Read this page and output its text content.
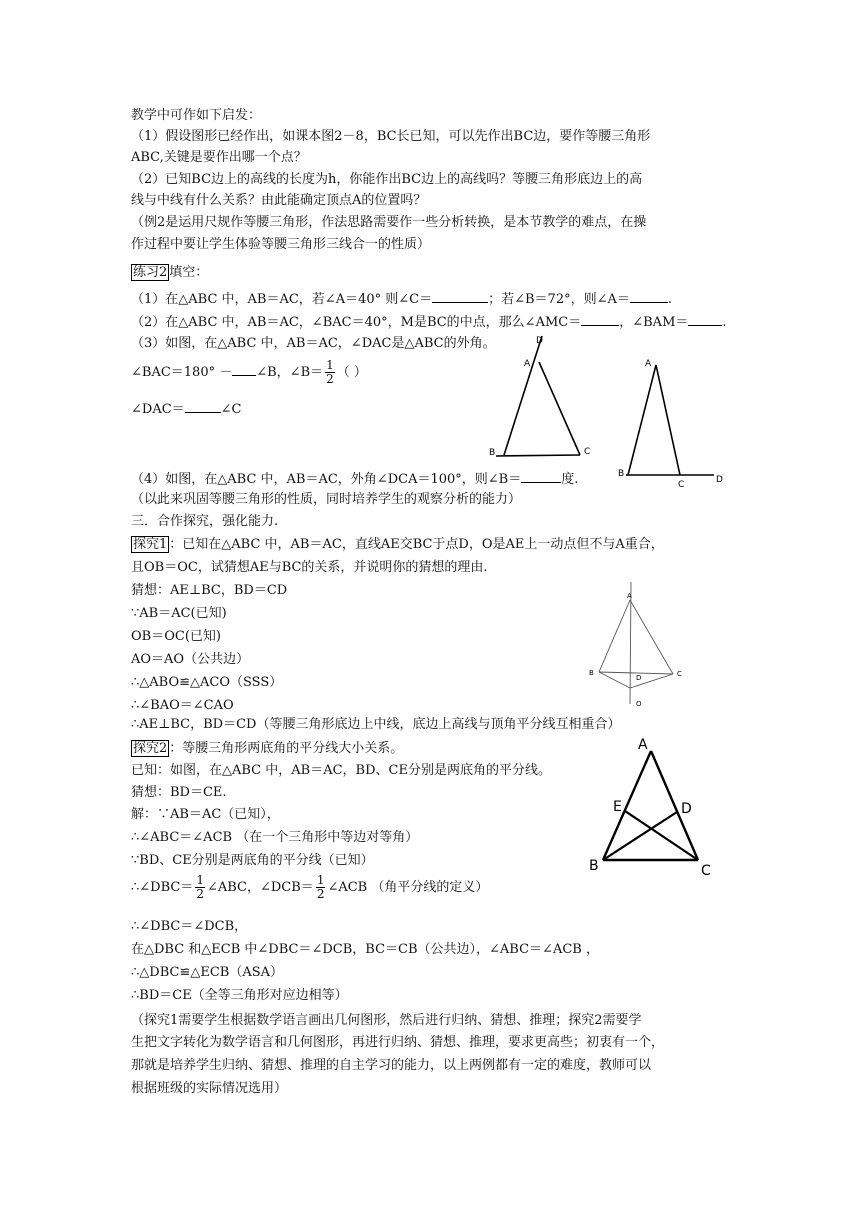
教学中可作如下启发：
（1）假设图形已经作出，如课本图2－8，BC长已知，可以先作出BC边，要作等腰三角形
ABC,关键是要作出哪一个点？
（2）已知BC边上的高线的长度为h，你能作出BC边上的高线吗？等腰三角形底边上的高
线与中线有什么关系？由此能确定顶点A的位置吗？
（例2是运用尺规作等腰三角形，作法思路需要作一些分析转换，是本节教学的难点，在操
作过程中要让学生体验等腰三角形三线合一的性质）
练习2 填空：
（1）在△ABC 中，AB＝AC，若∠A＝40° 则∠C＝	；若∠B＝72°，则∠A＝	.
（2）在△ABC 中，AB＝AC，∠BAC＝40°，M是BC的中点，那么∠AMC＝	，∠BAM＝	.
（3）如图，在△ABC 中，AB＝AC，∠DAC是△ABC的外角。
∠BAC＝180° － ∠B，∠B＝ $\frac{1}{2}$ （ ）
∠DAC＝	∠C
D
A
B	C
A
B
C	D
（4）如图，在△ABC 中，AB＝AC，外角∠DCA＝100°，则∠B＝	度.
（以此来巩固等腰三角形的性质，同时培养学生的观察分析的能力）
三．合作探究，强化能力.
探究1 ：已知在△ABC 中，AB＝AC，直线AE交BC于点D，O是AE上一动点但不与A重合，
且OB＝OC，试猜想AE与BC的关系，并说明你的猜想的理由.
猜想：AE⊥BC，BD＝CD
∵AB＝AC(已知)
OB＝OC(已知)
AO＝AO（公共边）
∴△ABO≌△ACO（SSS）
∴∠BAO＝∠CAO
∴AE⊥BC，BD＝CD（等腰三角形底边上中线，底边上高线与顶角平分线互相重合）
A
B	C
D
O
探究2 ：等腰三角形两底角的平分线大小关系。
已知：如图，在△ABC 中，AB＝AC，BD、CE分别是两底角的平分线。
猜想：BD＝CE.
解：∵AB＝AC（已知），
∴∠ABC＝∠ACB （在一个三角形中等边对等角）
∵BD、CE分别是两底角的平分线（已知）
∴∠DBC＝ $\frac{1}{2}$ ∠ABC，∠DCB＝ $\frac{1}{2}$ ∠ACB （角平分线的定义）
∴∠DBC＝∠DCB，
在△DBC 和△ECB 中∠DBC＝∠DCB，BC＝CB（公共边），∠ABC＝∠ACB ，
∴△DBC≌△ECB（ASA）
∴BD＝CE（全等三角形对应边相等）
A
B	C
D
E
（探究1需要学生根据数学语言画出几何图形，然后进行归纳、猜想、推理；探究2需要学
生把文字转化为数学语言和几何图形，再进行归纳、猜想、推理，要求更高些；初衷有一个，
那就是培养学生归纳、猜想、推理的自主学习的能力，以上两例都有一定的难度，教师可以
根据班级的实际情况选用）
